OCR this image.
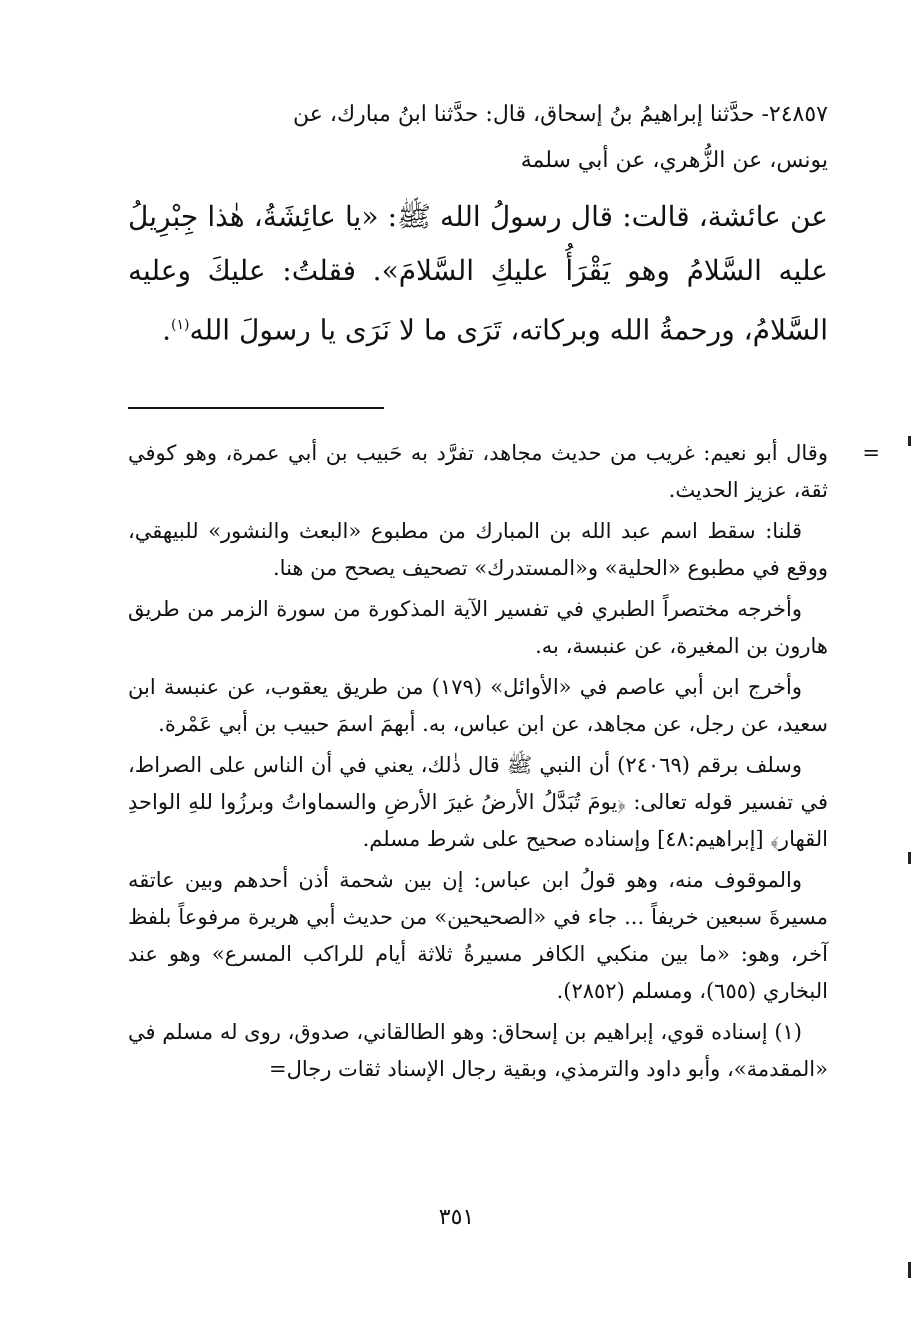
٢٤٨٥٧- حدَّثنا إبراهيمُ بنُ إسحاق، قال: حدَّثنا ابنُ مبارك، عن
يونس، عن الزُّهري، عن أبي سلمة

عن عائشة، قالت: قال رسولُ الله ﷺ: «يا عائِشَةُ، هٰذا جِبْرِيلُ عليه السَّلامُ وهو يَقْرَأُ عليكِ السَّلامَ». فقلتُ: عليكَ وعليه السَّلامُ، ورحمةُ الله وبركاته، تَرَى ما لا نَرَى يا رسولَ الله$^{(١)}$.

=
وقال أبو نعيم: غريب من حديث مجاهد، تفرَّد به حَبيب بن أبي عمرة، وهو كوفي ثقة، عزيز الحديث.

قلنا: سقط اسم عبد الله بن المبارك من مطبوع «البعث والنشور» للبيهقي، ووقع في مطبوع «الحلية» و«المستدرك» تصحيف يصحح من هنا.

وأخرجه مختصراً الطبري في تفسير الآية المذكورة من سورة الزمر من طريق هارون بن المغيرة، عن عنبسة، به.

وأخرج ابن أبي عاصم في «الأوائل» (١٧٩) من طريق يعقوب، عن عنبسة ابن سعيد، عن رجل، عن مجاهد، عن ابن عباس، به. أبهمَ اسمَ حبيب بن أبي عَمْرة.

وسلف برقم (٢٤٠٦٩) أن النبي ﷺ قال ذٰلك، يعني في أن الناس على الصراط، في تفسير قوله تعالى: ﴿يومَ تُبَدَّلُ الأرضُ غيرَ الأرضِ والسماواتُ وبرزُوا للهِ الواحدِ القهار﴾ [إبراهيم:٤٨] وإسناده صحيح على شرط مسلم.

والموقوف منه، وهو قولُ ابن عباس: إن بين شحمة أذن أحدهم وبين عاتقه مسيرةَ سبعين خريفاً ... جاء في «الصحيحين» من حديث أبي هريرة مرفوعاً بلفظ آخر، وهو: «ما بين منكبي الكافر مسيرةُ ثلاثة أيام للراكب المسرع» وهو عند البخاري (٦٥٥)، ومسلم (٢٨٥٢).

(١) إسناده قوي، إبراهيم بن إسحاق: وهو الطالقاني، صدوق، روى له مسلم في «المقدمة»، وأبو داود والترمذي، وبقية رجال الإسناد ثقات رجال=

٣٥١
